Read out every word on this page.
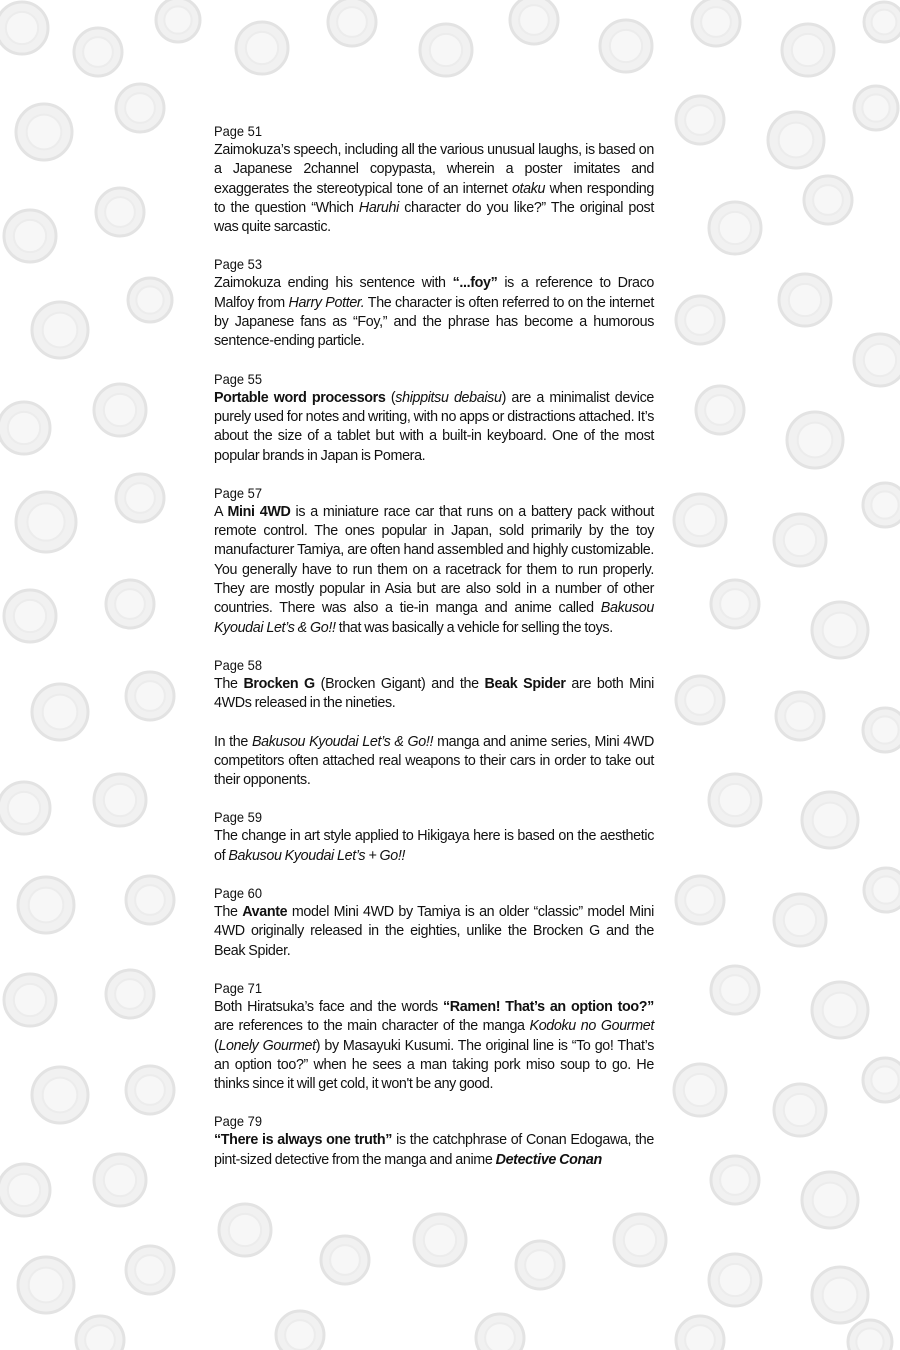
Page 51

Zaimokuza’s speech, including all the various unusual laughs, is based on a Japanese 2channel copypasta, wherein a poster imitates and exaggerates the stereotypical tone of an internet otaku when responding to the question “Which Haruhi character do you like?” The original post was quite sarcastic.

Page 53

Zaimokuza ending his sentence with “...foy” is a reference to Draco Malfoy from Harry Potter. The character is often referred to on the internet by Japanese fans as “Foy,” and the phrase has become a humorous sentence-ending particle.

Page 55

Portable word processors (shippitsu debaisu) are a minimalist device purely used for notes and writing, with no apps or distractions attached. It’s about the size of a tablet but with a built-in keyboard. One of the most popular brands in Japan is Pomera.

Page 57

A Mini 4WD is a miniature race car that runs on a battery pack without remote control. The ones popular in Japan, sold primarily by the toy manufacturer Tamiya, are often hand assembled and highly customizable. You generally have to run them on a racetrack for them to run properly. They are mostly popular in Asia but are also sold in a number of other countries. There was also a tie-in manga and anime called Bakusou Kyoudai Let’s & Go!! that was basically a vehicle for selling the toys.

Page 58

The Brocken G (Brocken Gigant) and the Beak Spider are both Mini 4WDs released in the nineties.

In the Bakusou Kyoudai Let’s & Go!! manga and anime series, Mini 4WD competitors often attached real weapons to their cars in order to take out their opponents.

Page 59

The change in art style applied to Hikigaya here is based on the aesthetic of Bakusou Kyoudai Let’s + Go!!

Page 60

The Avante model Mini 4WD by Tamiya is an older “classic” model Mini 4WD originally released in the eighties, unlike the Brocken G and the Beak Spider.

Page 71

Both Hiratsuka’s face and the words “Ramen! That’s an option too?” are references to the main character of the manga Kodoku no Gourmet (Lonely Gourmet) by Masayuki Kusumi. The original line is “To go! That’s an option too?” when he sees a man taking pork miso soup to go. He thinks since it will get cold, it won't be any good.

Page 79

“There is always one truth” is the catchphrase of Conan Edogawa, the pint-sized detective from the manga and anime Detective Conan
